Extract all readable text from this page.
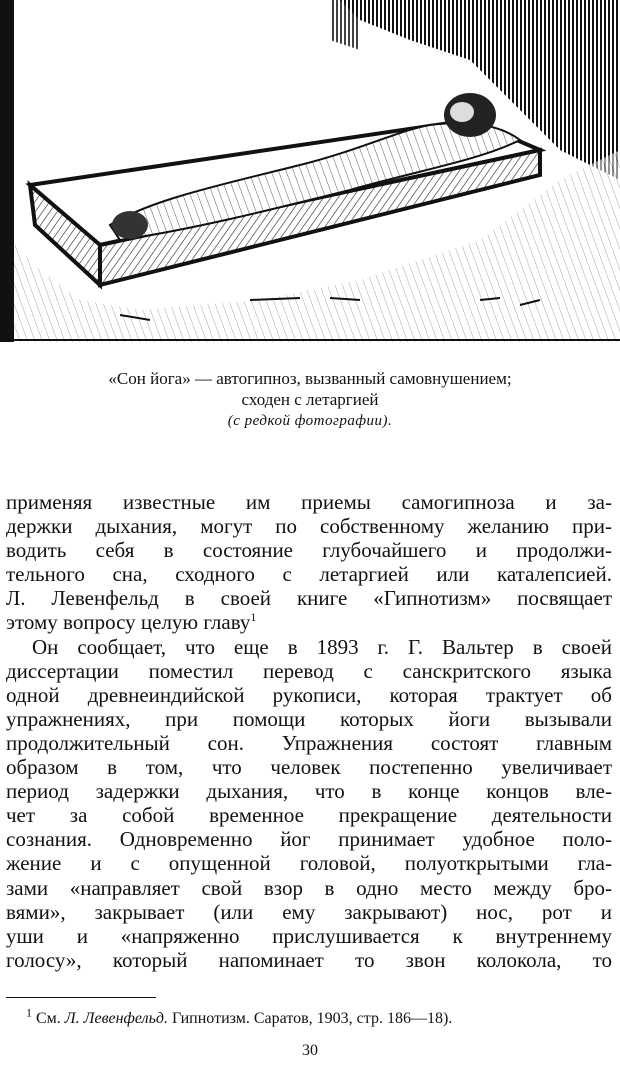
«Сон йога» — автогипноз, вызванный самовнушением;
сходен с летаргией
(с редкой фотографии).
применяя известные им приемы самогипноза и за-
держки дыхания, могут по собственному желанию при-
водить себя в состояние глубочайшего и продолжи-
тельного сна, сходного с летаргией или каталепсией.
Л. Левенфельд в своей книге «Гипнотизм» посвящает
этому вопросу целую главу$^1$
Он сообщает, что еще в 1893 г. Г. Вальтер в своей
диссертации поместил перевод с санскритского языка
одной древнеиндийской рукописи, которая трактует об
упражнениях, при помощи которых йоги вызывали
продолжительный сон. Упражнения состоят главным
образом в том, что человек постепенно увеличивает
период задержки дыхания, что в конце концов вле-
чет за собой временное прекращение деятельности
сознания. Одновременно йог принимает удобное поло-
жение и с опущенной головой, полуоткрытыми гла-
зами «направляет свой взор в одно место между бро-
вями», закрывает (или ему закрывают) нос, рот и
уши и «напряженно прислушивается к внутреннему
голосу», который напоминает то звон колокола, то
$^1$ См. Л. Левенфельд. Гипнотизм. Саратов, 1903, стр. 186—18).
30
